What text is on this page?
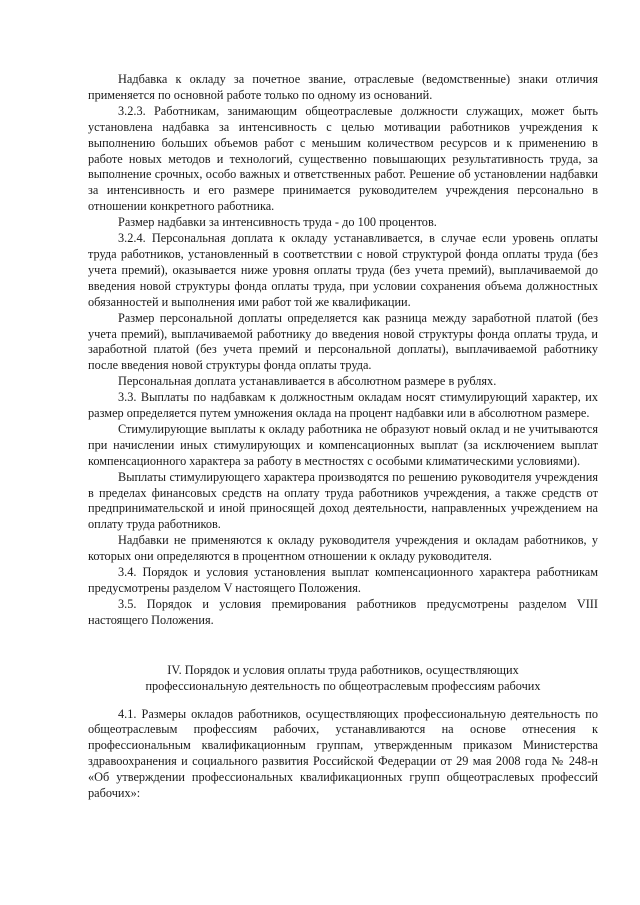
Надбавка к окладу за почетное звание, отраслевые (ведомственные) знаки отличия применяется по основной работе только по одному из оснований.

3.2.3. Работникам, занимающим общеотраслевые должности служащих, может быть установлена надбавка за интенсивность с целью мотивации работников учреждения к выполнению больших объемов работ с меньшим количеством ресурсов и к применению в работе новых методов и технологий, существенно повышающих результативность труда, за выполнение срочных, особо важных и ответственных работ. Решение об установлении надбавки за интенсивность и его размере принимается руководителем учреждения персонально в отношении конкретного работника.

Размер надбавки за интенсивность труда - до 100 процентов.

3.2.4. Персональная доплата к окладу устанавливается, в случае если уровень оплаты труда работников, установленный в соответствии с новой структурой фонда оплаты труда (без учета премий), оказывается ниже уровня оплаты труда (без учета премий), выплачиваемой до введения новой структуры фонда оплаты труда, при условии сохранения объема должностных обязанностей и выполнения ими работ той же квалификации.

Размер персональной доплаты определяется как разница между заработной платой (без учета премий), выплачиваемой работнику до введения новой структуры фонда оплаты труда, и заработной платой (без учета премий и персональной доплаты), выплачиваемой работнику после введения новой структуры фонда оплаты труда.

Персональная доплата устанавливается в абсолютном размере в рублях.

3.3. Выплаты по надбавкам к должностным окладам носят стимулирующий характер, их размер определяется путем умножения оклада на процент надбавки или в абсолютном размере.

Стимулирующие выплаты к окладу работника не образуют новый оклад и не учитываются при начислении иных стимулирующих и компенсационных выплат (за исключением выплат компенсационного характера за работу в местностях с особыми климатическими условиями).

Выплаты стимулирующего характера производятся по решению руководителя учреждения в пределах финансовых средств на оплату труда работников учреждения, а также средств от предпринимательской и иной приносящей доход деятельности, направленных учреждением на оплату труда работников.

Надбавки не применяются к окладу руководителя учреждения и окладам работников, у которых они определяются в процентном отношении к окладу руководителя.

3.4. Порядок и условия установления выплат компенсационного характера работникам предусмотрены разделом V настоящего Положения.

3.5. Порядок и условия премирования работников предусмотрены разделом VIII настоящего Положения.

IV. Порядок и условия оплаты труда работников, осуществляющих
профессиональную деятельность по общеотраслевым профессиям рабочих

4.1. Размеры окладов работников, осуществляющих профессиональную деятельность по общеотраслевым профессиям рабочих, устанавливаются на основе отнесения к профессиональным квалификационным группам, утвержденным приказом Министерства здравоохранения и социального развития Российской Федерации от 29 мая 2008 года № 248-н «Об утверждении профессиональных квалификационных групп общеотраслевых профессий рабочих»:
